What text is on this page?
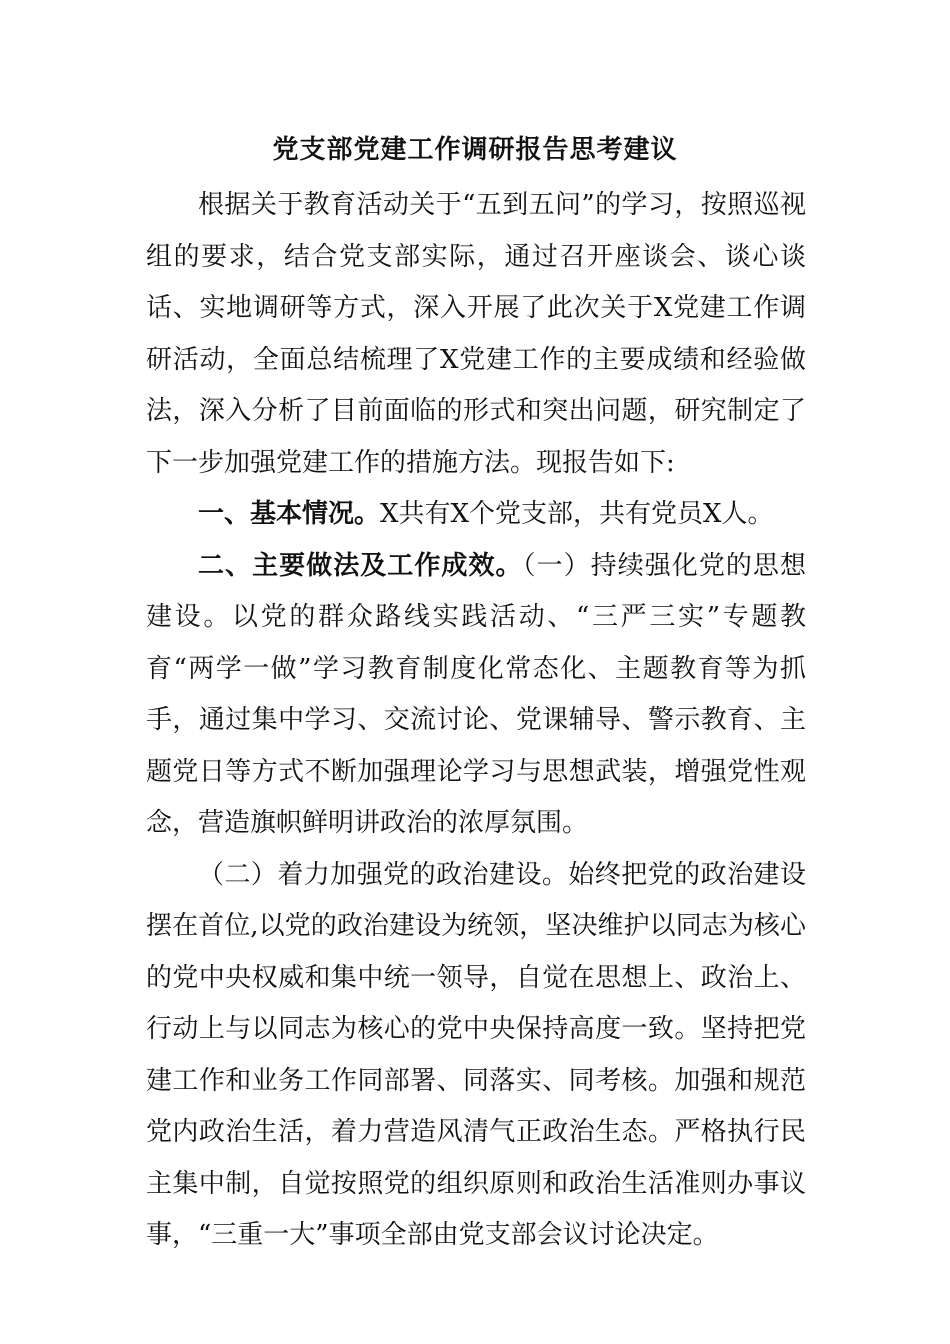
党支部党建工作调研报告思考建议

根据关于教育活动关于“五到五问”的学习，按照巡视组的要求，结合党支部实际，通过召开座谈会、谈心谈话、实地调研等方式，深入开展了此次关于X党建工作调研活动，全面总结梳理了X党建工作的主要成绩和经验做法，深入分析了目前面临的形式和突出问题，研究制定了下一步加强党建工作的措施方法。现报告如下:

一、基本情况。X共有X个党支部，共有党员X人。

二、主要做法及工作成效。（一）持续强化党的思想建设。以党的群众路线实践活动、“三严三实”专题教育“两学一做”学习教育制度化常态化、主题教育等为抓手，通过集中学习、交流讨论、党课辅导、警示教育、主题党日等方式不断加强理论学习与思想武装，增强党性观念，营造旗帜鲜明讲政治的浓厚氛围。

（二）着力加强党的政治建设。始终把党的政治建设摆在首位,以党的政治建设为统领，坚决维护以同志为核心的党中央权威和集中统一领导，自觉在思想上、政治上、行动上与以同志为核心的党中央保持高度一致。坚持把党建工作和业务工作同部署、同落实、同考核。加强和规范党内政治生活，着力营造风清气正政治生态。严格执行民主集中制，自觉按照党的组织原则和政治生活准则办事议事，“三重一大”事项全部由党支部会议讨论决定。
